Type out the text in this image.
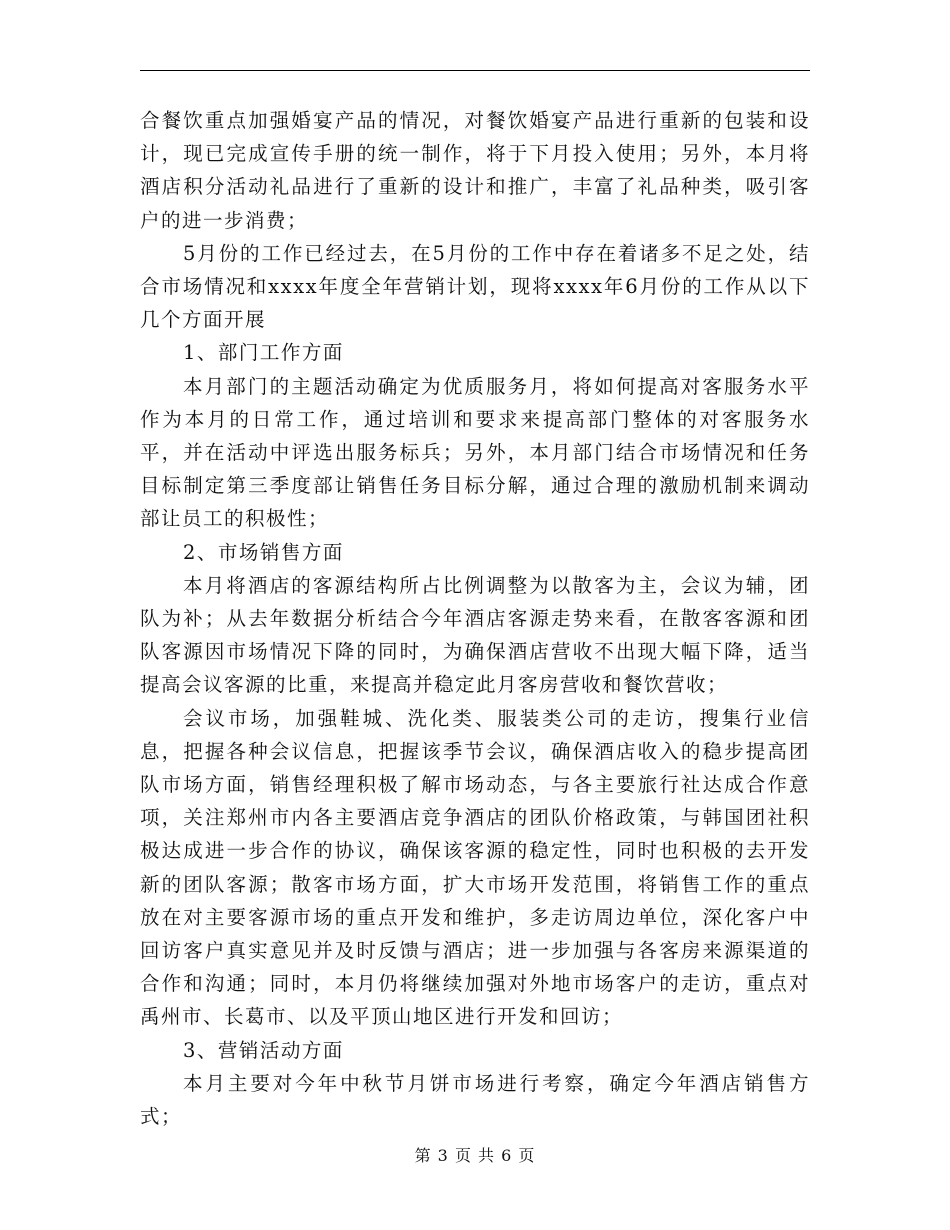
合餐饮重点加强婚宴产品的情况，对餐饮婚宴产品进行重新的包装和设计，现已完成宣传手册的统一制作，将于下月投入使用；另外，本月将酒店积分活动礼品进行了重新的设计和推广，丰富了礼品种类，吸引客户的进一步消费；

5月份的工作已经过去，在5月份的工作中存在着诸多不足之处，结合市场情况和xxxx年度全年营销计划，现将xxxx年6月份的工作从以下几个方面开展

1、部门工作方面

本月部门的主题活动确定为优质服务月，将如何提高对客服务水平作为本月的日常工作，通过培训和要求来提高部门整体的对客服务水平，并在活动中评选出服务标兵；另外，本月部门结合市场情况和任务目标制定第三季度部让销售任务目标分解，通过合理的激励机制来调动部让员工的积极性；

2、市场销售方面

本月将酒店的客源结构所占比例调整为以散客为主，会议为辅，团队为补；从去年数据分析结合今年酒店客源走势来看，在散客客源和团队客源因市场情况下降的同时，为确保酒店营收不出现大幅下降，适当提高会议客源的比重，来提高并稳定此月客房营收和餐饮营收；

会议市场，加强鞋城、洗化类、服装类公司的走访，搜集行业信息，把握各种会议信息，把握该季节会议，确保酒店收入的稳步提高团队市场方面，销售经理积极了解市场动态，与各主要旅行社达成合作意项，关注郑州市内各主要酒店竞争酒店的团队价格政策，与韩国团社积极达成进一步合作的协议，确保该客源的稳定性，同时也积极的去开发新的团队客源；散客市场方面，扩大市场开发范围，将销售工作的重点放在对主要客源市场的重点开发和维护，多走访周边单位，深化客户中回访客户真实意见并及时反馈与酒店；进一步加强与各客房来源渠道的合作和沟通；同时，本月仍将继续加强对外地市场客户的走访，重点对禹州市、长葛市、以及平顶山地区进行开发和回访；

3、营销活动方面

本月主要对今年中秋节月饼市场进行考察，确定今年酒店销售方式；

第 3 页 共 6 页
